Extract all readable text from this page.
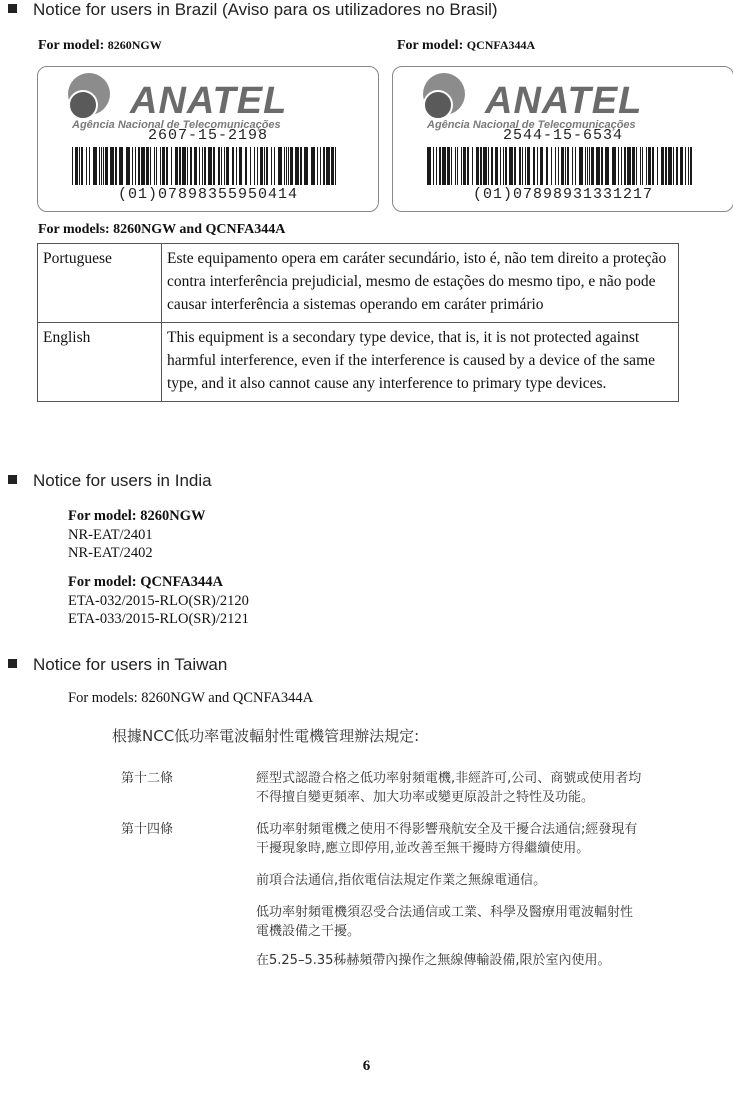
Notice for users in Brazil (Aviso para os utilizadores no Brasil)
For model: 8260NGW	For model: QCNFA344A
ANATEL
Agência Nacional de Telecomunicações
2607-15-2198
(01)07898355950414
ANATEL
Agência Nacional de Telecomunicações
2544-15-6534
(01)07898931331217
For models: 8260NGW and QCNFA344A
Portuguese	Este equipamento opera em caráter secundário, isto é, não tem direito a proteção contra interferência prejudicial, mesmo de estações do mesmo tipo, e não pode causar interferência a sistemas operando em caráter primário
English	This equipment is a secondary type device, that is, it is not protected against harmful interference, even if the interference is caused by a device of the same type, and it also cannot cause any interference to primary type devices.
Notice for users in India
For model: 8260NGW
NR-EAT/2401
NR-EAT/2402
For model: QCNFA344A
ETA-032/2015-RLO(SR)/2120
ETA-033/2015-RLO(SR)/2121
Notice for users in Taiwan
For models: 8260NGW and QCNFA344A
根據NCC低功率電波輻射性電機管理辦法規定:
第十二條	經型式認證合格之低功率射頻電機,非經許可,公司、商號或使用者均
不得擅自變更頻率、加大功率或變更原設計之特性及功能。
第十四條	低功率射頻電機之使用不得影響飛航安全及干擾合法通信;經發現有
干擾現象時,應立即停用,並改善至無干擾時方得繼續使用。
前項合法通信,指依電信法規定作業之無線電通信。
低功率射頻電機須忍受合法通信或工業、科學及醫療用電波輻射性
電機設備之干擾。
在5.25–5.35秭赫頻帶內操作之無線傳輸設備,限於室內使用。
6
